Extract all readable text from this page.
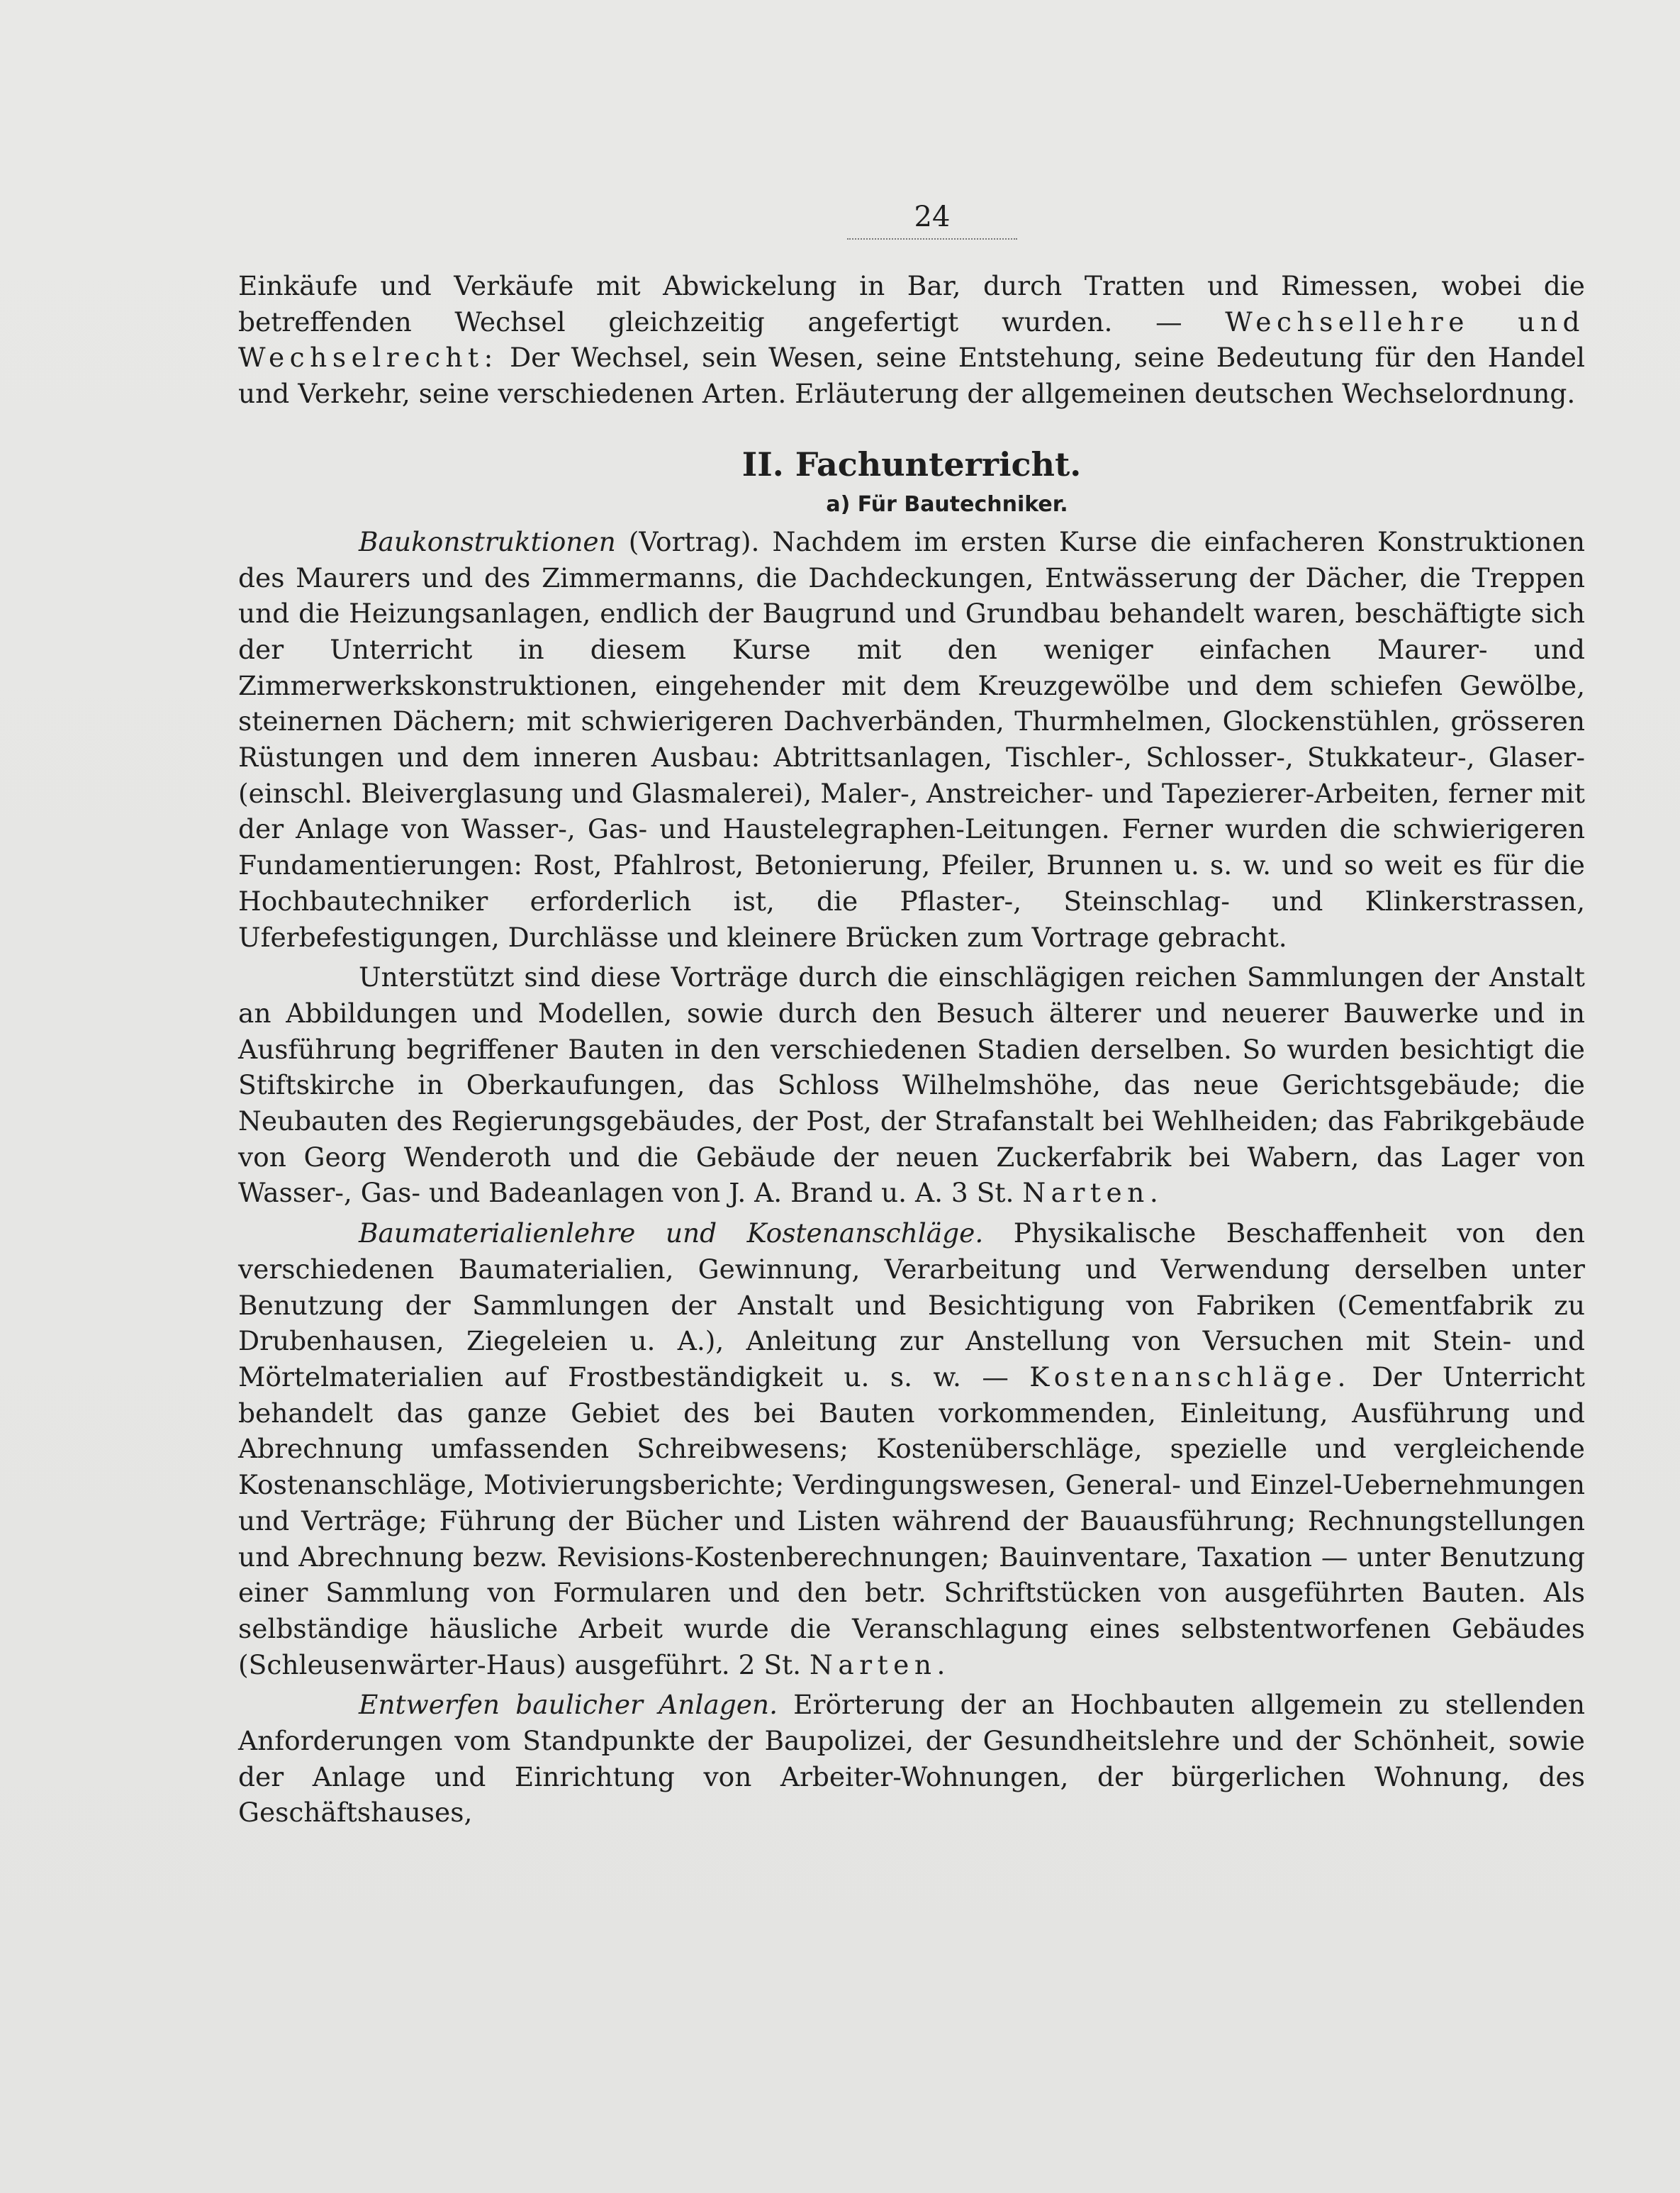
24

Einkäufe und Verkäufe mit Abwickelung in Bar, durch Tratten und Rimessen, wobei die betreffenden Wechsel gleichzeitig angefertigt wurden. — Wechsellehre und Wechselrecht: Der Wechsel, sein Wesen, seine Entstehung, seine Bedeutung für den Handel und Verkehr, seine verschiedenen Arten. Erläuterung der allgemeinen deutschen Wechselordnung.

II. Fachunterricht.
a) Für Bautechniker.

Baukonstruktionen (Vortrag). Nachdem im ersten Kurse die einfacheren Konstruktionen des Maurers und des Zimmermanns, die Dachdeckungen, Entwässerung der Dächer, die Treppen und die Heizungsanlagen, endlich der Baugrund und Grundbau behandelt waren, beschäftigte sich der Unterricht in diesem Kurse mit den weniger einfachen Maurer- und Zimmerwerkskonstruktionen, eingehender mit dem Kreuzgewölbe und dem schiefen Gewölbe, steinernen Dächern; mit schwierigeren Dachverbänden, Thurmhelmen, Glockenstühlen, grösseren Rüstungen und dem inneren Ausbau: Abtrittsanlagen, Tischler-, Schlosser-, Stukkateur-, Glaser- (einschl. Bleiverglasung und Glasmalerei), Maler-, Anstreicher- und Tapezierer-Arbeiten, ferner mit der Anlage von Wasser-, Gas- und Haustelegraphen-Leitungen. Ferner wurden die schwierigeren Fundamentierungen: Rost, Pfahlrost, Betonierung, Pfeiler, Brunnen u. s. w. und so weit es für die Hochbautechniker erforderlich ist, die Pflaster-, Steinschlag- und Klinkerstrassen, Uferbefestigungen, Durchlässe und kleinere Brücken zum Vortrage gebracht.

Unterstützt sind diese Vorträge durch die einschlägigen reichen Sammlungen der Anstalt an Abbildungen und Modellen, sowie durch den Besuch älterer und neuerer Bauwerke und in Ausführung begriffener Bauten in den verschiedenen Stadien derselben. So wurden besichtigt die Stiftskirche in Oberkaufungen, das Schloss Wilhelmshöhe, das neue Gerichtsgebäude; die Neubauten des Regierungsgebäudes, der Post, der Strafanstalt bei Wehlheiden; das Fabrikgebäude von Georg Wenderoth und die Gebäude der neuen Zuckerfabrik bei Wabern, das Lager von Wasser-, Gas- und Badeanlagen von J. A. Brand u. A. 3 St. Narten.

Baumaterialienlehre und Kostenanschläge. Physikalische Beschaffenheit von den verschiedenen Baumaterialien, Gewinnung, Verarbeitung und Verwendung derselben unter Benutzung der Sammlungen der Anstalt und Besichtigung von Fabriken (Cementfabrik zu Drubenhausen, Ziegeleien u. A.), Anleitung zur Anstellung von Versuchen mit Stein- und Mörtelmaterialien auf Frostbeständigkeit u. s. w. — Kostenanschläge. Der Unterricht behandelt das ganze Gebiet des bei Bauten vorkommenden, Einleitung, Ausführung und Abrechnung umfassenden Schreibwesens; Kostenüberschläge, spezielle und vergleichende Kostenanschläge, Motivierungsberichte; Verdingungswesen, General- und Einzel-Uebernehmungen und Verträge; Führung der Bücher und Listen während der Bauausführung; Rechnungstellungen und Abrechnung bezw. Revisions-Kostenberechnungen; Bauinventare, Taxation — unter Benutzung einer Sammlung von Formularen und den betr. Schriftstücken von ausgeführten Bauten. Als selbständige häusliche Arbeit wurde die Veranschlagung eines selbstentworfenen Gebäudes (Schleusenwärter-Haus) ausgeführt. 2 St. Narten.

Entwerfen baulicher Anlagen. Erörterung der an Hochbauten allgemein zu stellenden Anforderungen vom Standpunkte der Baupolizei, der Gesundheitslehre und der Schönheit, sowie der Anlage und Einrichtung von Arbeiter-Wohnungen, der bürgerlichen Wohnung, des Geschäftshauses,
